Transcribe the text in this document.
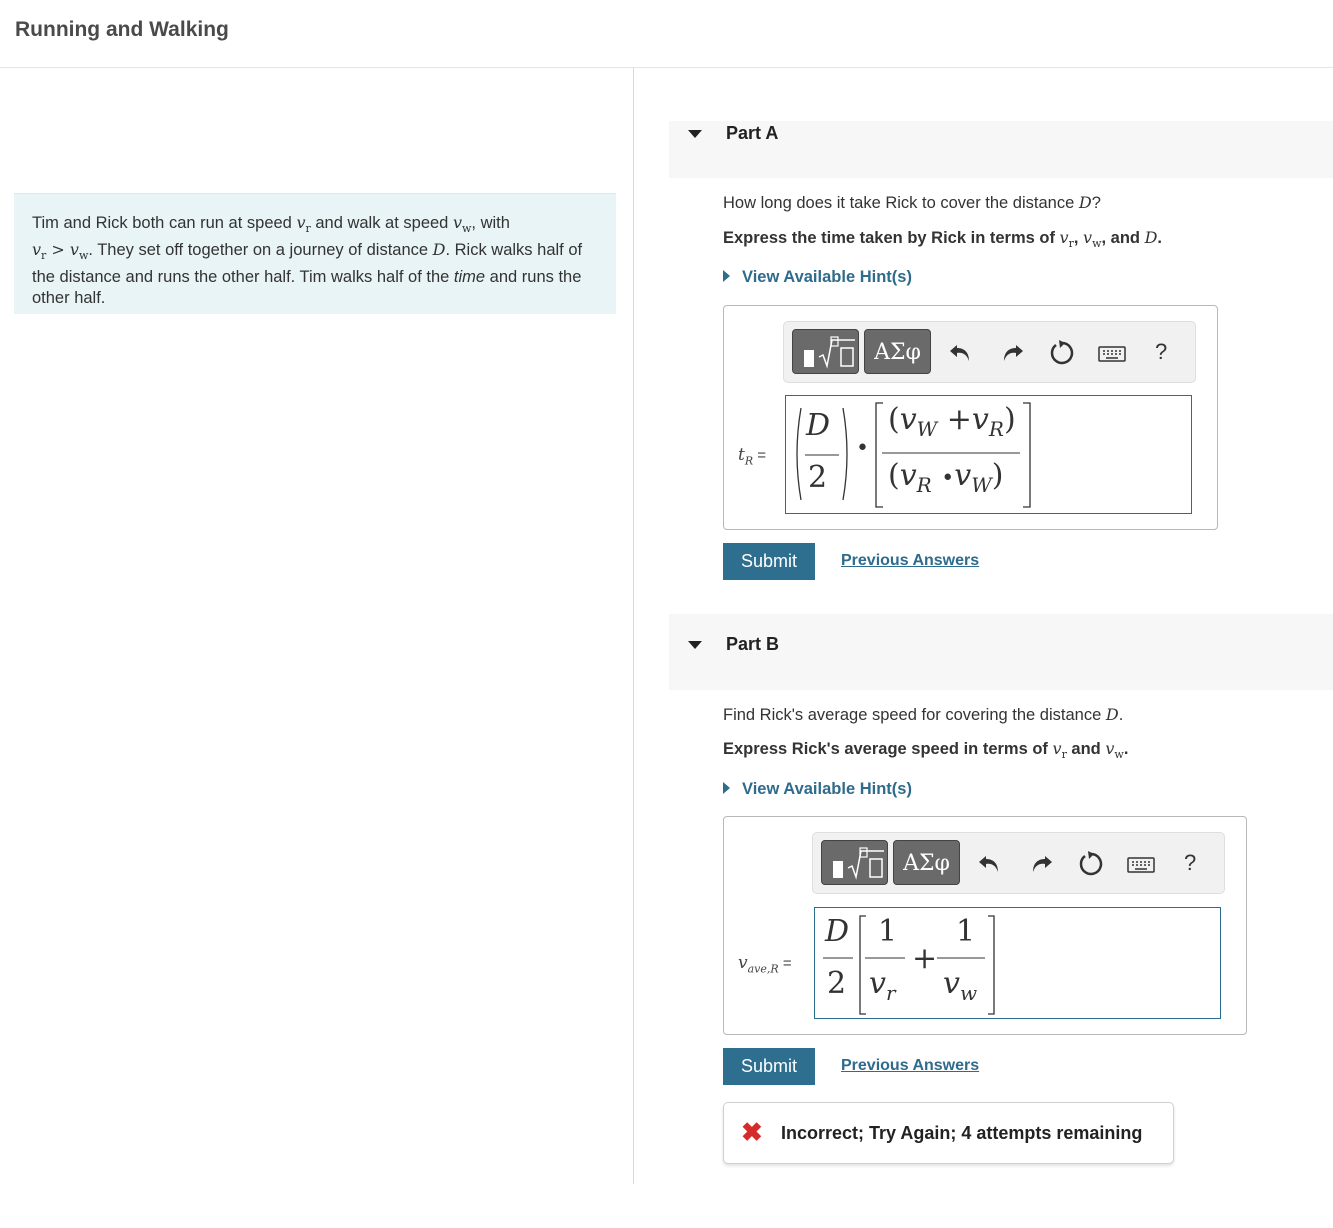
Running and Walking
Tim and Rick both can run at speed $v_r$ and walk at speed $v_w$, with
$v_r > v_w$. They set off together on a journey of distance D. Rick walks half of the distance and runs the other half. Tim walks half of the time and runs the other half.
Part A
How long does it take Rick to cover the distance D?
Express the time taken by Rick in terms of $v_r$, $v_w$, and D.
View Available Hint(s)
ΑΣφ	?
$t_R$ =
D
2
•
$(v_W +v_R)$
($v_R$ $•v_W$)
Submit	Previous Answers
Part B
Find Rick's average speed for covering the distance D.
Express Rick's average speed in terms of $v_r$ and $v_w$.
View Available Hint(s)
ΑΣφ	?
$v_{ave,R}$ =
D
2
1
$v_r$
+
1
$v_w$
Submit	Previous Answers
✖ Incorrect; Try Again; 4 attempts remaining
